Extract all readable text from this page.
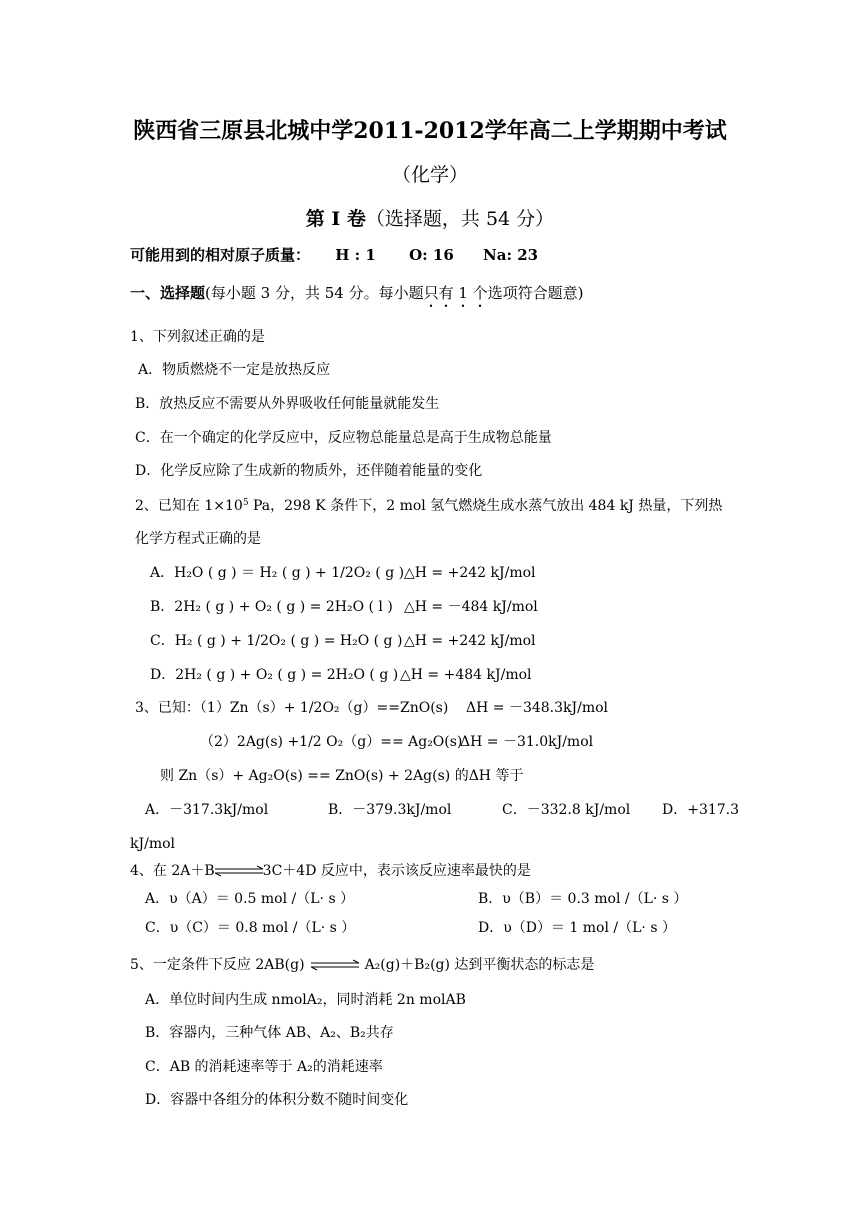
陕西省三原县北城中学2011-2012学年高二上学期期中考试
（化学）
第 I 卷（选择题，共 54 分）
可能用到的相对原子质量： H : 1 O: 16 Na: 23
一、选择题(每小题 3 分，共 54 分。每小题只有 1 个选项符合题意)
1、下列叙述正确的是
A．物质燃烧不一定是放热反应
B．放热反应不需要从外界吸收任何能量就能发生
C．在一个确定的化学反应中，反应物总能量总是高于生成物总能量
D．化学反应除了生成新的物质外，还伴随着能量的变化
2、已知在 $1\times 10^5$ Pa，298 K 条件下，2 mol 氢气燃烧生成水蒸气放出 484 kJ 热量，下列热
化学方程式正确的是
A．H₂O ( g ) ＝ H₂ ( g ) + 1/2O₂ ( g ) △H = +242 kJ/mol
B．2H₂ ( g ) + O₂ ( g ) = 2H₂O ( l ) △H = －484 kJ/mol
C．H₂ ( g ) + 1/2O₂ ( g ) = H₂O ( g ) △H = +242 kJ/mol
D．2H₂ ( g ) + O₂ ( g ) = 2H₂O ( g ) △H = +484 kJ/mol
3、已知：（1）Zn（s）+ 1/2O₂（g）==ZnO(s) ΔH = －348.3kJ/mol
（2）2Ag(s) +1/2 O₂（g）== Ag₂O(s)
ΔH = －31.0kJ/mol
则 Zn（s）+ Ag₂O(s) == ZnO(s) + 2Ag(s) 的ΔH 等于
A．－317.3kJ/mol	B．－379.3kJ/mol	C．－332.8 kJ/mol D．+317.3
kJ/mol
4、在 2A＋B⇌3C＋4D 反应中，表示该反应速率最快的是
A．υ（A）＝ 0.5 mol /（L· s ）	B．υ（B）＝ 0.3 mol /（L· s ）
C．υ（C）＝ 0.8 mol /（L· s ）	D．υ（D）＝ 1 mol /（L· s ）
5、一定条件下反应 2AB(g) ⇌ A₂(g)＋B₂(g) 达到平衡状态的标志是
A．单位时间内生成 nmolA₂，同时消耗 2n molAB
B．容器内，三种气体 AB、A₂、B₂共存
C．AB 的消耗速率等于 A₂的消耗速率
D．容器中各组分的体积分数不随时间变化
